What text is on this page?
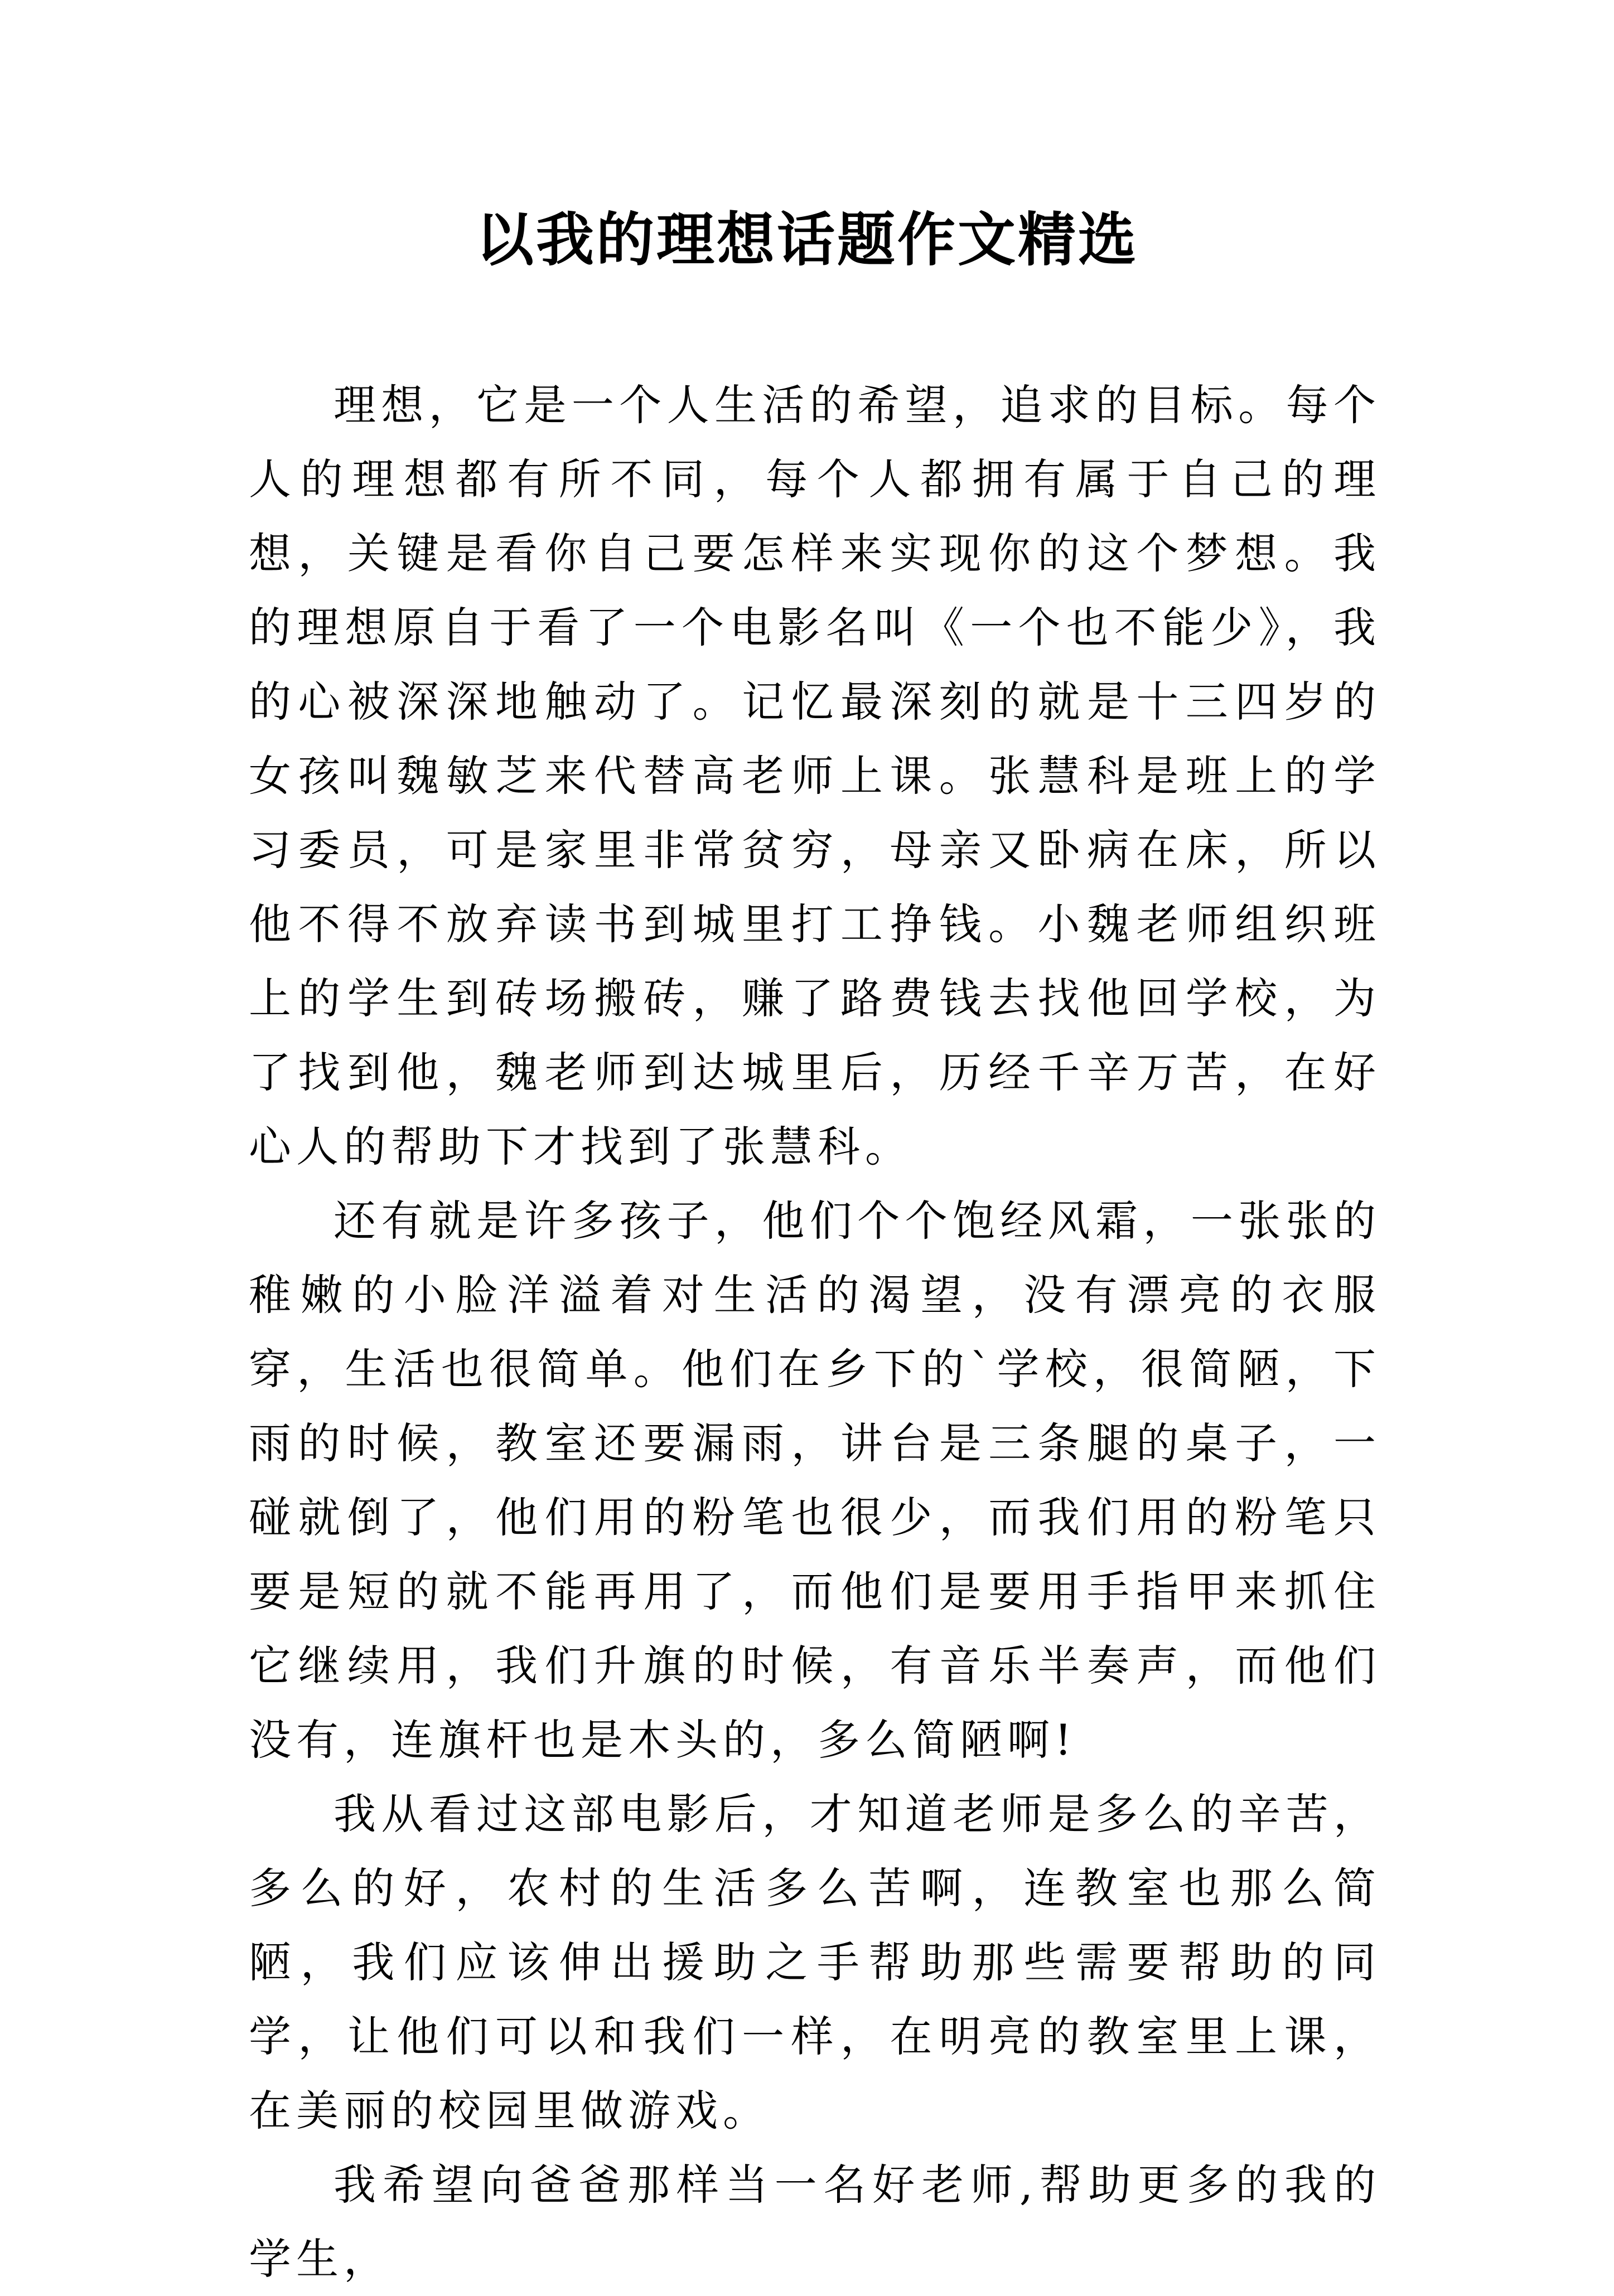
以我的理想话题作文精选

理想，它是一个人生活的希望，追求的目标。每个人的理想都有所不同，每个人都拥有属于自己的理想，关键是看你自己要怎样来实现你的这个梦想。我的理想原自于看了一个电影名叫《一个也不能少》，我的心被深深地触动了。记忆最深刻的就是十三四岁的女孩叫魏敏芝来代替高老师上课。张慧科是班上的学习委员，可是家里非常贫穷，母亲又卧病在床，所以他不得不放弃读书到城里打工挣钱。小魏老师组织班上的学生到砖场搬砖，赚了路费钱去找他回学校，为了找到他，魏老师到达城里后，历经千辛万苦，在好心人的帮助下才找到了张慧科。

还有就是许多孩子，他们个个饱经风霜，一张张的稚嫩的小脸洋溢着对生活的渴望，没有漂亮的衣服穿，生活也很简单。他们在乡下的`学校，很简陋，下雨的时候，教室还要漏雨，讲台是三条腿的桌子，一碰就倒了，他们用的粉笔也很少，而我们用的粉笔只要是短的就不能再用了，而他们是要用手指甲来抓住它继续用，我们升旗的时候，有音乐半奏声，而他们没有，连旗杆也是木头的，多么简陋啊!

我从看过这部电影后，才知道老师是多么的辛苦，多么的好，农村的生活多么苦啊，连教室也那么简陋，我们应该伸出援助之手帮助那些需要帮助的同学，让他们可以和我们一样，在明亮的教室里上课，在美丽的校园里做游戏。

我希望向爸爸那样当一名好老师,帮助更多的我的学生，
